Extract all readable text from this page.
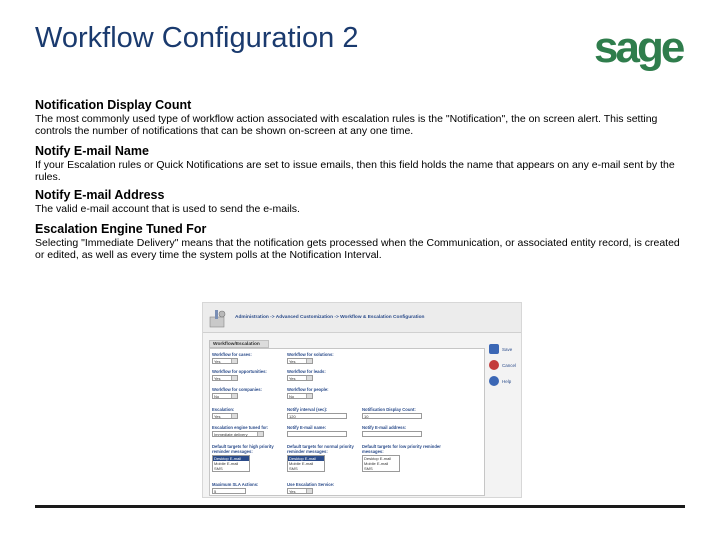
Workflow Configuration 2	sage
Notification Display Count
The most commonly used type of workflow action associated with escalation rules is the "Notification", the on screen alert. This setting controls the number of notifications that can be shown on-screen at any one time.
Notify E-mail Name
If your Escalation rules or Quick Notifications are set to issue emails, then this field holds the name that appears on any e-mail sent by the rules.
Notify E-mail Address
The valid e-mail account that is used to send the e-mails.
Escalation Engine Tuned For
Selecting "Immediate Delivery" means that the notification gets processed when the Communication, or associated entity record, is created or edited, as well as every time the system polls at the Notification Interval.
Administration -> Advanced Customization -> Workflow & Escalation Configuration
Workflow/Escalation
Workflow for cases:
Yes
Workflow for solutions:
Yes
Workflow for opportunities:
Yes
Workflow for leads:
Yes
Workflow for companies:
No
Workflow for people:
No
Escalation:
Yes
Notify interval (sec):
120
Notification Display Count:
10
Escalation engine tuned for:
Immediate delivery
Notify E-mail name:	Notify E-mail address:
Default targets for high priority reminder messages:
Desktop E-mail
Mobile E-mail
SMS
Default targets for normal priority reminder messages:
Desktop E-mail
Mobile E-mail
SMS
Default targets for low priority reminder messages:
Desktop E-mail
Mobile E-mail
SMS
Maximum SLA Actions:
5
Use Escalation Service:
Yes
Save
Cancel
Help
